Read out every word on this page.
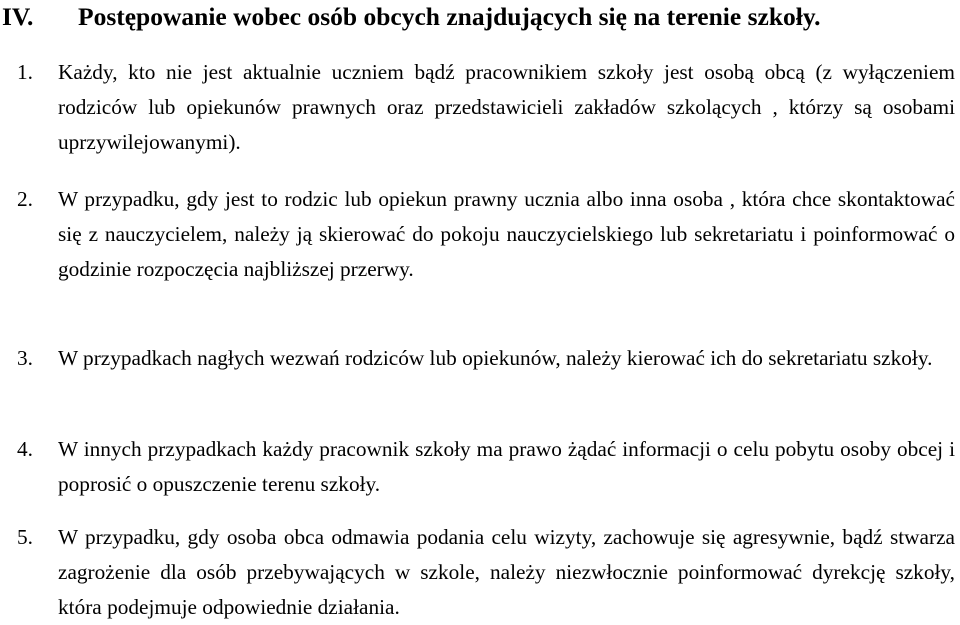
IV. Postępowanie wobec osób obcych znajdujących się na terenie szkoły.
1. Każdy, kto nie jest aktualnie uczniem bądź pracownikiem szkoły jest osobą obcą (z wyłączeniem rodziców lub opiekunów prawnych oraz przedstawicieli zakładów szkolących , którzy są osobami uprzywilejowanymi).
2. W przypadku, gdy jest to rodzic lub opiekun prawny ucznia albo inna osoba , która chce skontaktować się z nauczycielem, należy ją skierować do pokoju nauczycielskiego lub sekretariatu i poinformować o godzinie rozpoczęcia najbliższej przerwy.
3. W przypadkach nagłych wezwań rodziców lub opiekunów, należy kierować ich do sekretariatu szkoły.
4. W innych przypadkach każdy pracownik szkoły ma prawo żądać informacji o celu pobytu osoby obcej i poprosić o opuszczenie terenu szkoły.
5. W przypadku, gdy osoba obca odmawia podania celu wizyty, zachowuje się agresywnie, bądź stwarza zagrożenie dla osób przebywających w szkole, należy niezwłocznie poinformować dyrekcję szkoły, która podejmuje odpowiednie działania.
